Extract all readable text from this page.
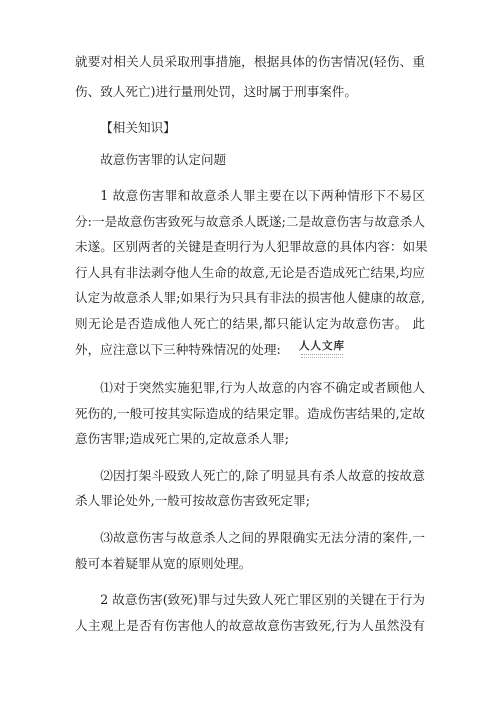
就要对相关人员采取刑事措施，根据具体的伤害情况(轻伤、重
伤、致人死亡)进行量刑处罚，这时属于刑事案件。
【相关知识】
故意伤害罪的认定问题
1 故意伤害罪和故意杀人罪主要在以下两种情形下不易区
分:一是故意伤害致死与故意杀人既遂;二是故意伤害与故意杀人
未遂。区别两者的关键是查明行为人犯罪故意的具体内容：如果
行人具有非法剥夺他人生命的故意,无论是否造成死亡结果,均应
认定为故意杀人罪;如果行为只具有非法的损害他人健康的故意,
则无论是否造成他人死亡的结果,都只能认定为故意伤害。 此
外，应注意以下三种特殊情况的处理:
⑴对于突然实施犯罪,行为人故意的内容不确定或者顾他人
死伤的,一般可按其实际造成的结果定罪。造成伤害结果的,定故
意伤害罪;造成死亡果的,定故意杀人罪;
⑵因打架斗殴致人死亡的,除了明显具有杀人故意的按故意
杀人罪论处外,一般可按故意伤害致死定罪;
⑶故意伤害与故意杀人之间的界限确实无法分清的案件,一
般可本着疑罪从宽的原则处理。
2 故意伤害(致死)罪与过失致人死亡罪区别的关键在于行为
人主观上是否有伤害他人的故意故意伤害致死,行为人虽然没有
人人文库
